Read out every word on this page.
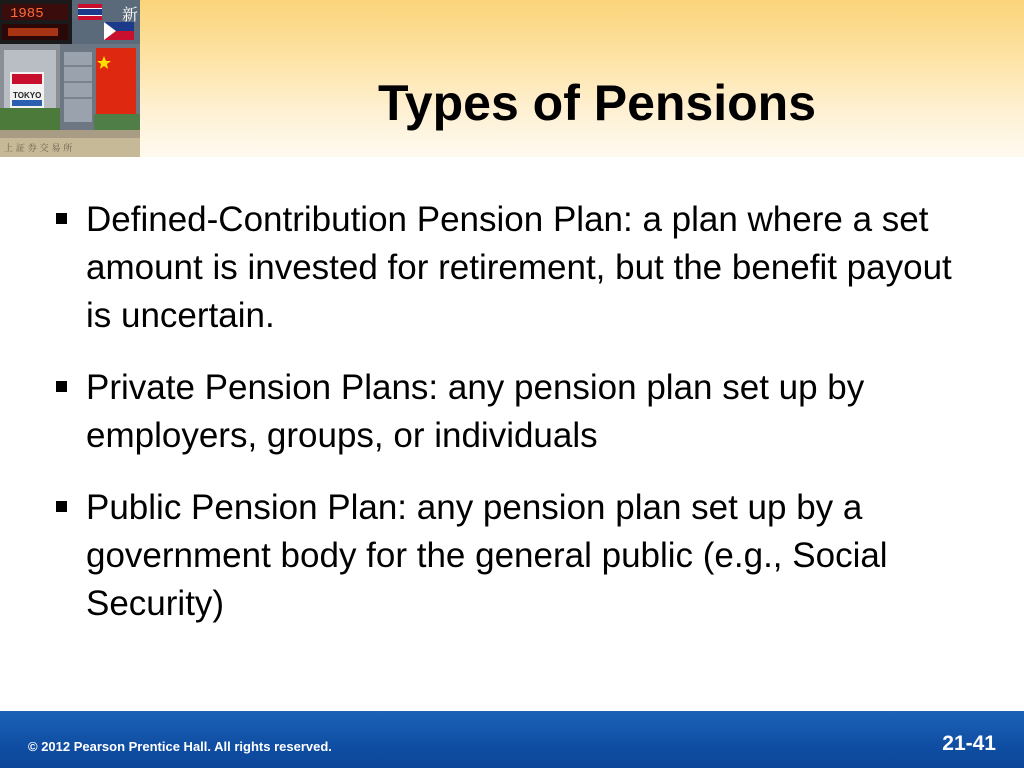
1985	新
TOKYO
上 証 券 交 易 所
Types of Pensions
Defined-Contribution Pension Plan: a plan where a set amount is invested for retirement, but the benefit payout is uncertain.
Private Pension Plans: any pension plan set up by employers, groups, or individuals
Public Pension Plan: any pension plan set up by a government body for the general public (e.g., Social Security)
© 2012 Pearson Prentice Hall. All rights reserved.	21-41
